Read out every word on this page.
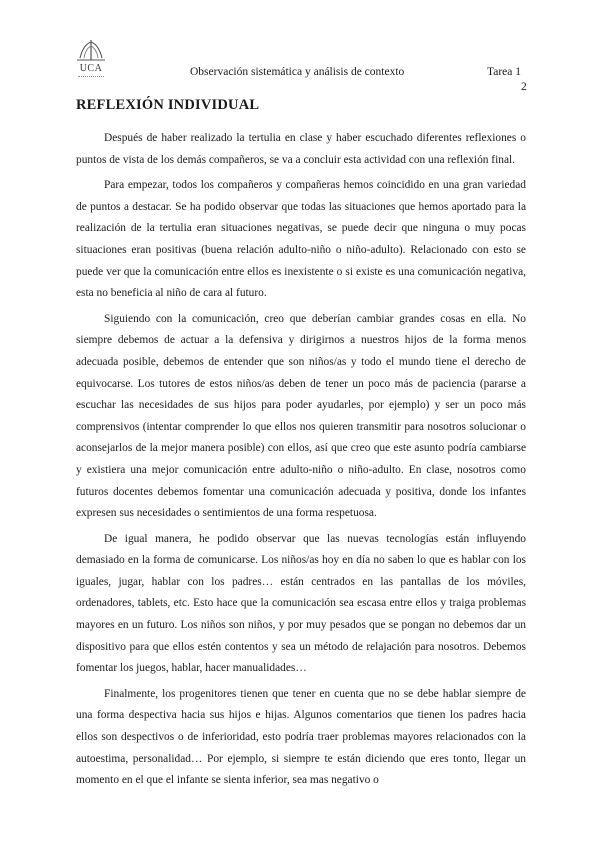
UCA	Observación sistemática y análisis de contexto	Tarea 1
2
REFLEXIÓN INDIVIDUAL

Después de haber realizado la tertulia en clase y haber escuchado diferentes reflexiones o puntos de vista de los demás compañeros, se va a concluir esta actividad con una reflexión final.

Para empezar, todos los compañeros y compañeras hemos coincidido en una gran variedad de puntos a destacar. Se ha podido observar que todas las situaciones que hemos aportado para la realización de la tertulia eran situaciones negativas, se puede decir que ninguna o muy pocas situaciones eran positivas (buena relación adulto-niño o niño-adulto). Relacionado con esto se puede ver que la comunicación entre ellos es inexistente o si existe es una comunicación negativa, esta no beneficia al niño de cara al futuro.

Siguiendo con la comunicación, creo que deberían cambiar grandes cosas en ella. No siempre debemos de actuar a la defensiva y dirigirnos a nuestros hijos de la forma menos adecuada posible, debemos de entender que son niños/as y todo el mundo tiene el derecho de equivocarse. Los tutores de estos niños/as deben de tener un poco más de paciencia (pararse a escuchar las necesidades de sus hijos para poder ayudarles, por ejemplo) y ser un poco más comprensivos (intentar comprender lo que ellos nos quieren transmitir para nosotros solucionar o aconsejarlos de la mejor manera posible) con ellos, así que creo que este asunto podría cambiarse y existiera una mejor comunicación entre adulto-niño o niño-adulto. En clase, nosotros como futuros docentes debemos fomentar una comunicación adecuada y positiva, donde los infantes expresen sus necesidades o sentimientos de una forma respetuosa.

De igual manera, he podido observar que las nuevas tecnologías están influyendo demasiado en la forma de comunicarse. Los niños/as hoy en día no saben lo que es hablar con los iguales, jugar, hablar con los padres… están centrados en las pantallas de los móviles, ordenadores, tablets, etc. Esto hace que la comunicación sea escasa entre ellos y traiga problemas mayores en un futuro. Los niños son niños, y por muy pesados que se pongan no debemos dar un dispositivo para que ellos estén contentos y sea un método de relajación para nosotros. Debemos fomentar los juegos, hablar, hacer manualidades…

Finalmente, los progenitores tienen que tener en cuenta que no se debe hablar siempre de una forma despectiva hacia sus hijos e hijas. Algunos comentarios que tienen los padres hacia ellos son despectivos o de inferioridad, esto podría traer problemas mayores relacionados con la autoestima, personalidad… Por ejemplo, si siempre te están diciendo que eres tonto, llegar un momento en el que el infante se sienta inferior, sea mas negativo o
